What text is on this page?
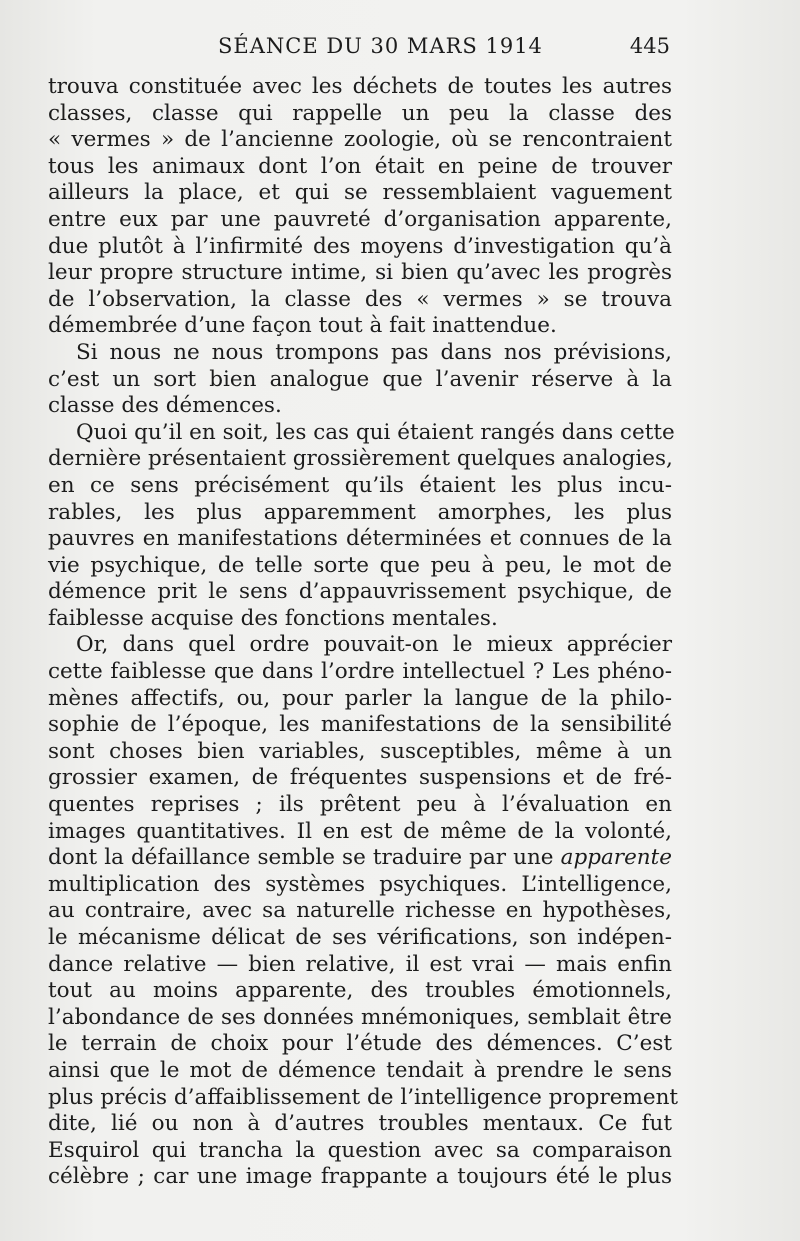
SÉANCE DU 30 MARS 1914	445
trouva constituée avec les déchets de toutes les autres
classes, classe qui rappelle un peu la classe des
« vermes » de l’ancienne zoologie, où se rencontraient
tous les animaux dont l’on était en peine de trouver
ailleurs la place, et qui se ressemblaient vaguement
entre eux par une pauvreté d’organisation apparente,
due plutôt à l’infirmité des moyens d’investigation qu’à
leur propre structure intime, si bien qu’avec les progrès
de l’observation, la classe des « vermes » se trouva
démembrée d’une façon tout à fait inattendue.
Si nous ne nous trompons pas dans nos prévisions,
c’est un sort bien analogue que l’avenir réserve à la
classe des démences.
Quoi qu’il en soit, les cas qui étaient rangés dans cette
dernière présentaient grossièrement quelques analogies,
en ce sens précisément qu’ils étaient les plus incu-
rables, les plus apparemment amorphes, les plus
pauvres en manifestations déterminées et connues de la
vie psychique, de telle sorte que peu à peu, le mot de
démence prit le sens d’appauvrissement psychique, de
faiblesse acquise des fonctions mentales.
Or, dans quel ordre pouvait-on le mieux apprécier
cette faiblesse que dans l’ordre intellectuel ? Les phéno-
mènes affectifs, ou, pour parler la langue de la philo-
sophie de l’époque, les manifestations de la sensibilité
sont choses bien variables, susceptibles, même à un
grossier examen, de fréquentes suspensions et de fré-
quentes reprises ; ils prêtent peu à l’évaluation en
images quantitatives. Il en est de même de la volonté,
dont la défaillance semble se traduire par une apparente
multiplication des systèmes psychiques. L’intelligence,
au contraire, avec sa naturelle richesse en hypothèses,
le mécanisme délicat de ses vérifications, son indépen-
dance relative — bien relative, il est vrai — mais enfin
tout au moins apparente, des troubles émotionnels,
l’abondance de ses données mnémoniques, semblait être
le terrain de choix pour l’étude des démences. C’est
ainsi que le mot de démence tendait à prendre le sens
plus précis d’affaiblissement de l’intelligence proprement
dite, lié ou non à d’autres troubles mentaux. Ce fut
Esquirol qui trancha la question avec sa comparaison
célèbre ; car une image frappante a toujours été le plus
